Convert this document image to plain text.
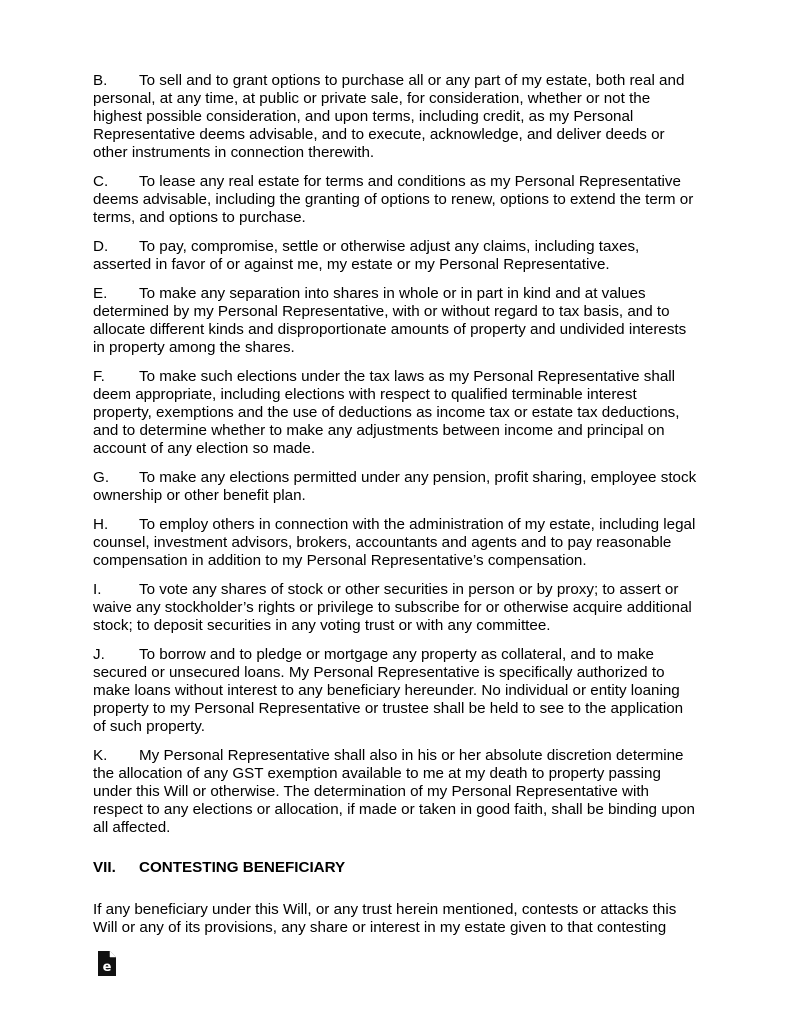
B. To sell and to grant options to purchase all or any part of my estate, both real and personal, at any time, at public or private sale, for consideration, whether or not the highest possible consideration, and upon terms, including credit, as my Personal Representative deems advisable, and to execute, acknowledge, and deliver deeds or other instruments in connection therewith.

C. To lease any real estate for terms and conditions as my Personal Representative deems advisable, including the granting of options to renew, options to extend the term or terms, and options to purchase.

D. To pay, compromise, settle or otherwise adjust any claims, including taxes, asserted in favor of or against me, my estate or my Personal Representative.

E. To make any separation into shares in whole or in part in kind and at values determined by my Personal Representative, with or without regard to tax basis, and to allocate different kinds and disproportionate amounts of property and undivided interests in property among the shares.

F. To make such elections under the tax laws as my Personal Representative shall deem appropriate, including elections with respect to qualified terminable interest property, exemptions and the use of deductions as income tax or estate tax deductions, and to determine whether to make any adjustments between income and principal on account of any election so made.

G. To make any elections permitted under any pension, profit sharing, employee stock ownership or other benefit plan.

H. To employ others in connection with the administration of my estate, including legal counsel, investment advisors, brokers, accountants and agents and to pay reasonable compensation in addition to my Personal Representative’s compensation.

I. To vote any shares of stock or other securities in person or by proxy; to assert or waive any stockholder’s rights or privilege to subscribe for or otherwise acquire additional stock; to deposit securities in any voting trust or with any committee.

J. To borrow and to pledge or mortgage any property as collateral, and to make secured or unsecured loans. My Personal Representative is specifically authorized to make loans without interest to any beneficiary hereunder. No individual or entity loaning property to my Personal Representative or trustee shall be held to see to the application of such property.

K. My Personal Representative shall also in his or her absolute discretion determine the allocation of any GST exemption available to me at my death to property passing under this Will or otherwise. The determination of my Personal Representative with respect to any elections or allocation, if made or taken in good faith, shall be binding upon all affected.

VII. CONTESTING BENEFICIARY

If any beneficiary under this Will, or any trust herein mentioned, contests or attacks this Will or any of its provisions, any share or interest in my estate given to that contesting

e
